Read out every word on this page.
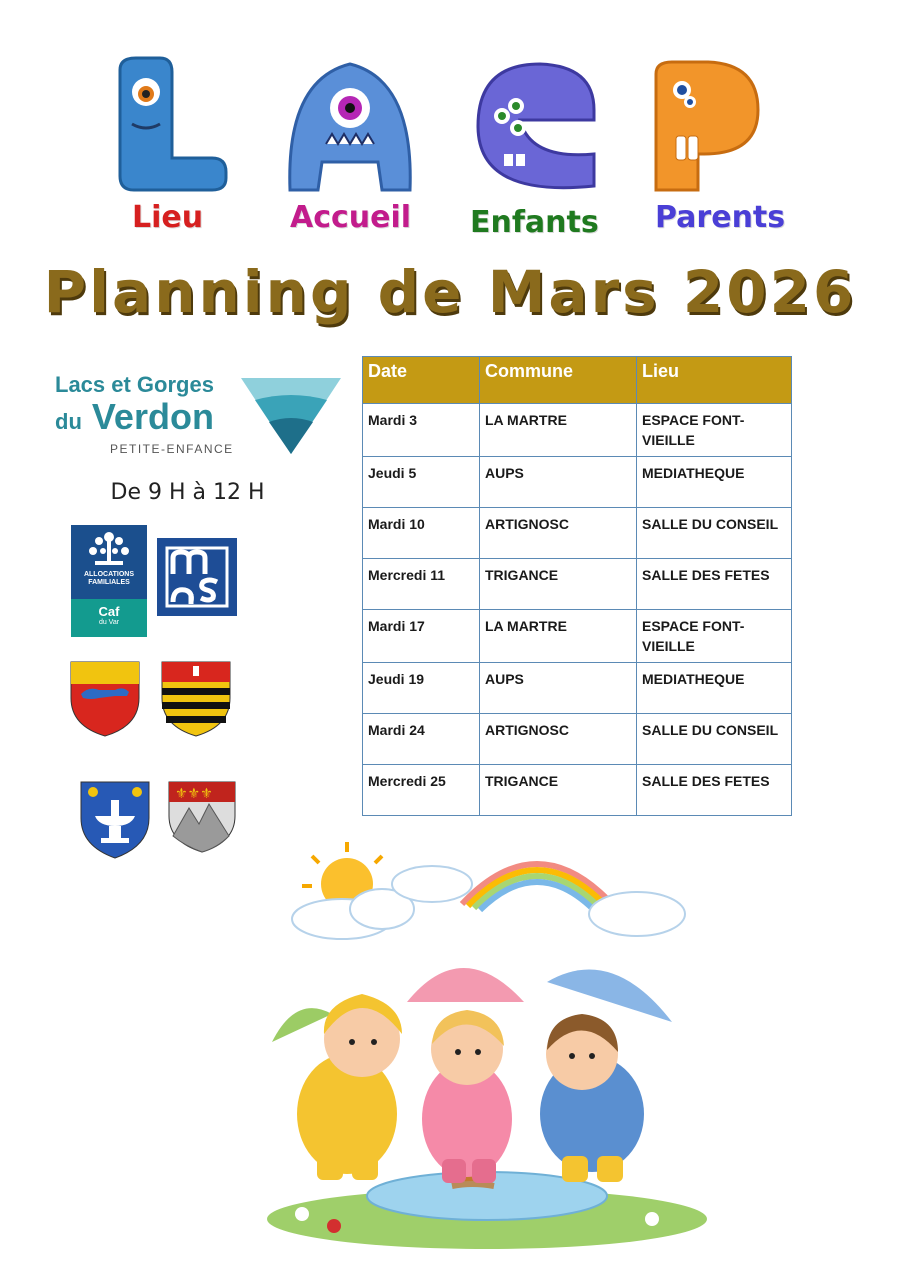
Lieu	Accueil Enfants Parents
Planning de Mars 2026
Lacs et Gorges
du Verdon
PETITE-ENFANCE
De 9 H à 12 H
ALLOCATIONS
FAMILIALES
Caf
du Var
⚜⚜⚜
Date	Commune	Lieu
Mardi 3	LA MARTRE	ESPACE FONT-VIEILLE
Jeudi 5	AUPS	MEDIATHEQUE
Mardi 10	ARTIGNOSC	SALLE DU CONSEIL
Mercredi 11	TRIGANCE	SALLE DES FETES
Mardi 17	LA MARTRE	ESPACE FONT-VIEILLE
Jeudi 19	AUPS	MEDIATHEQUE
Mardi 24	ARTIGNOSC	SALLE DU CONSEIL
Mercredi 25	TRIGANCE	SALLE DES FETES
